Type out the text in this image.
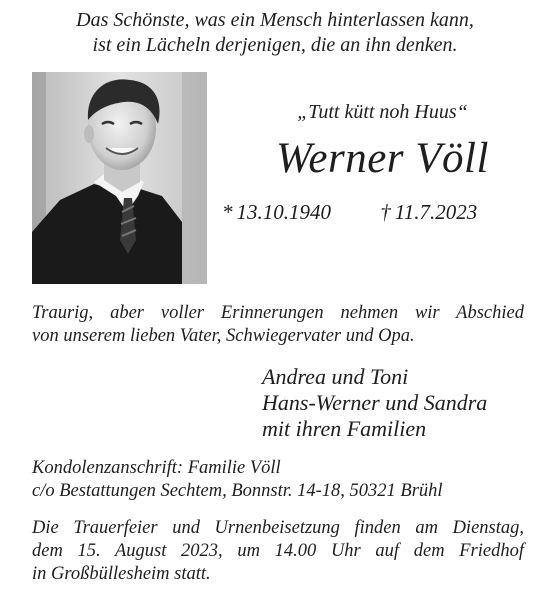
Das Schönste, was ein Mensch hinterlassen kann,
ist ein Lächeln derjenigen, die an ihn denken.
„Tutt kütt noh Huus“
Werner Völl
* 13.10.1940 † 11.7.2023
Traurig, aber voller Erinnerungen nehmen wir Abschied
von unserem lieben Vater, Schwiegervater und Opa.
Andrea und Toni
Hans-Werner und Sandra
mit ihren Familien
Kondolenzanschrift: Familie Völl
c/o Bestattungen Sechtem, Bonnstr. 14-18, 50321 Brühl
Die Trauerfeier und Urnenbeisetzung finden am Dienstag,
dem 15. August 2023, um 14.00 Uhr auf dem Friedhof
in Großbüllesheim statt.
